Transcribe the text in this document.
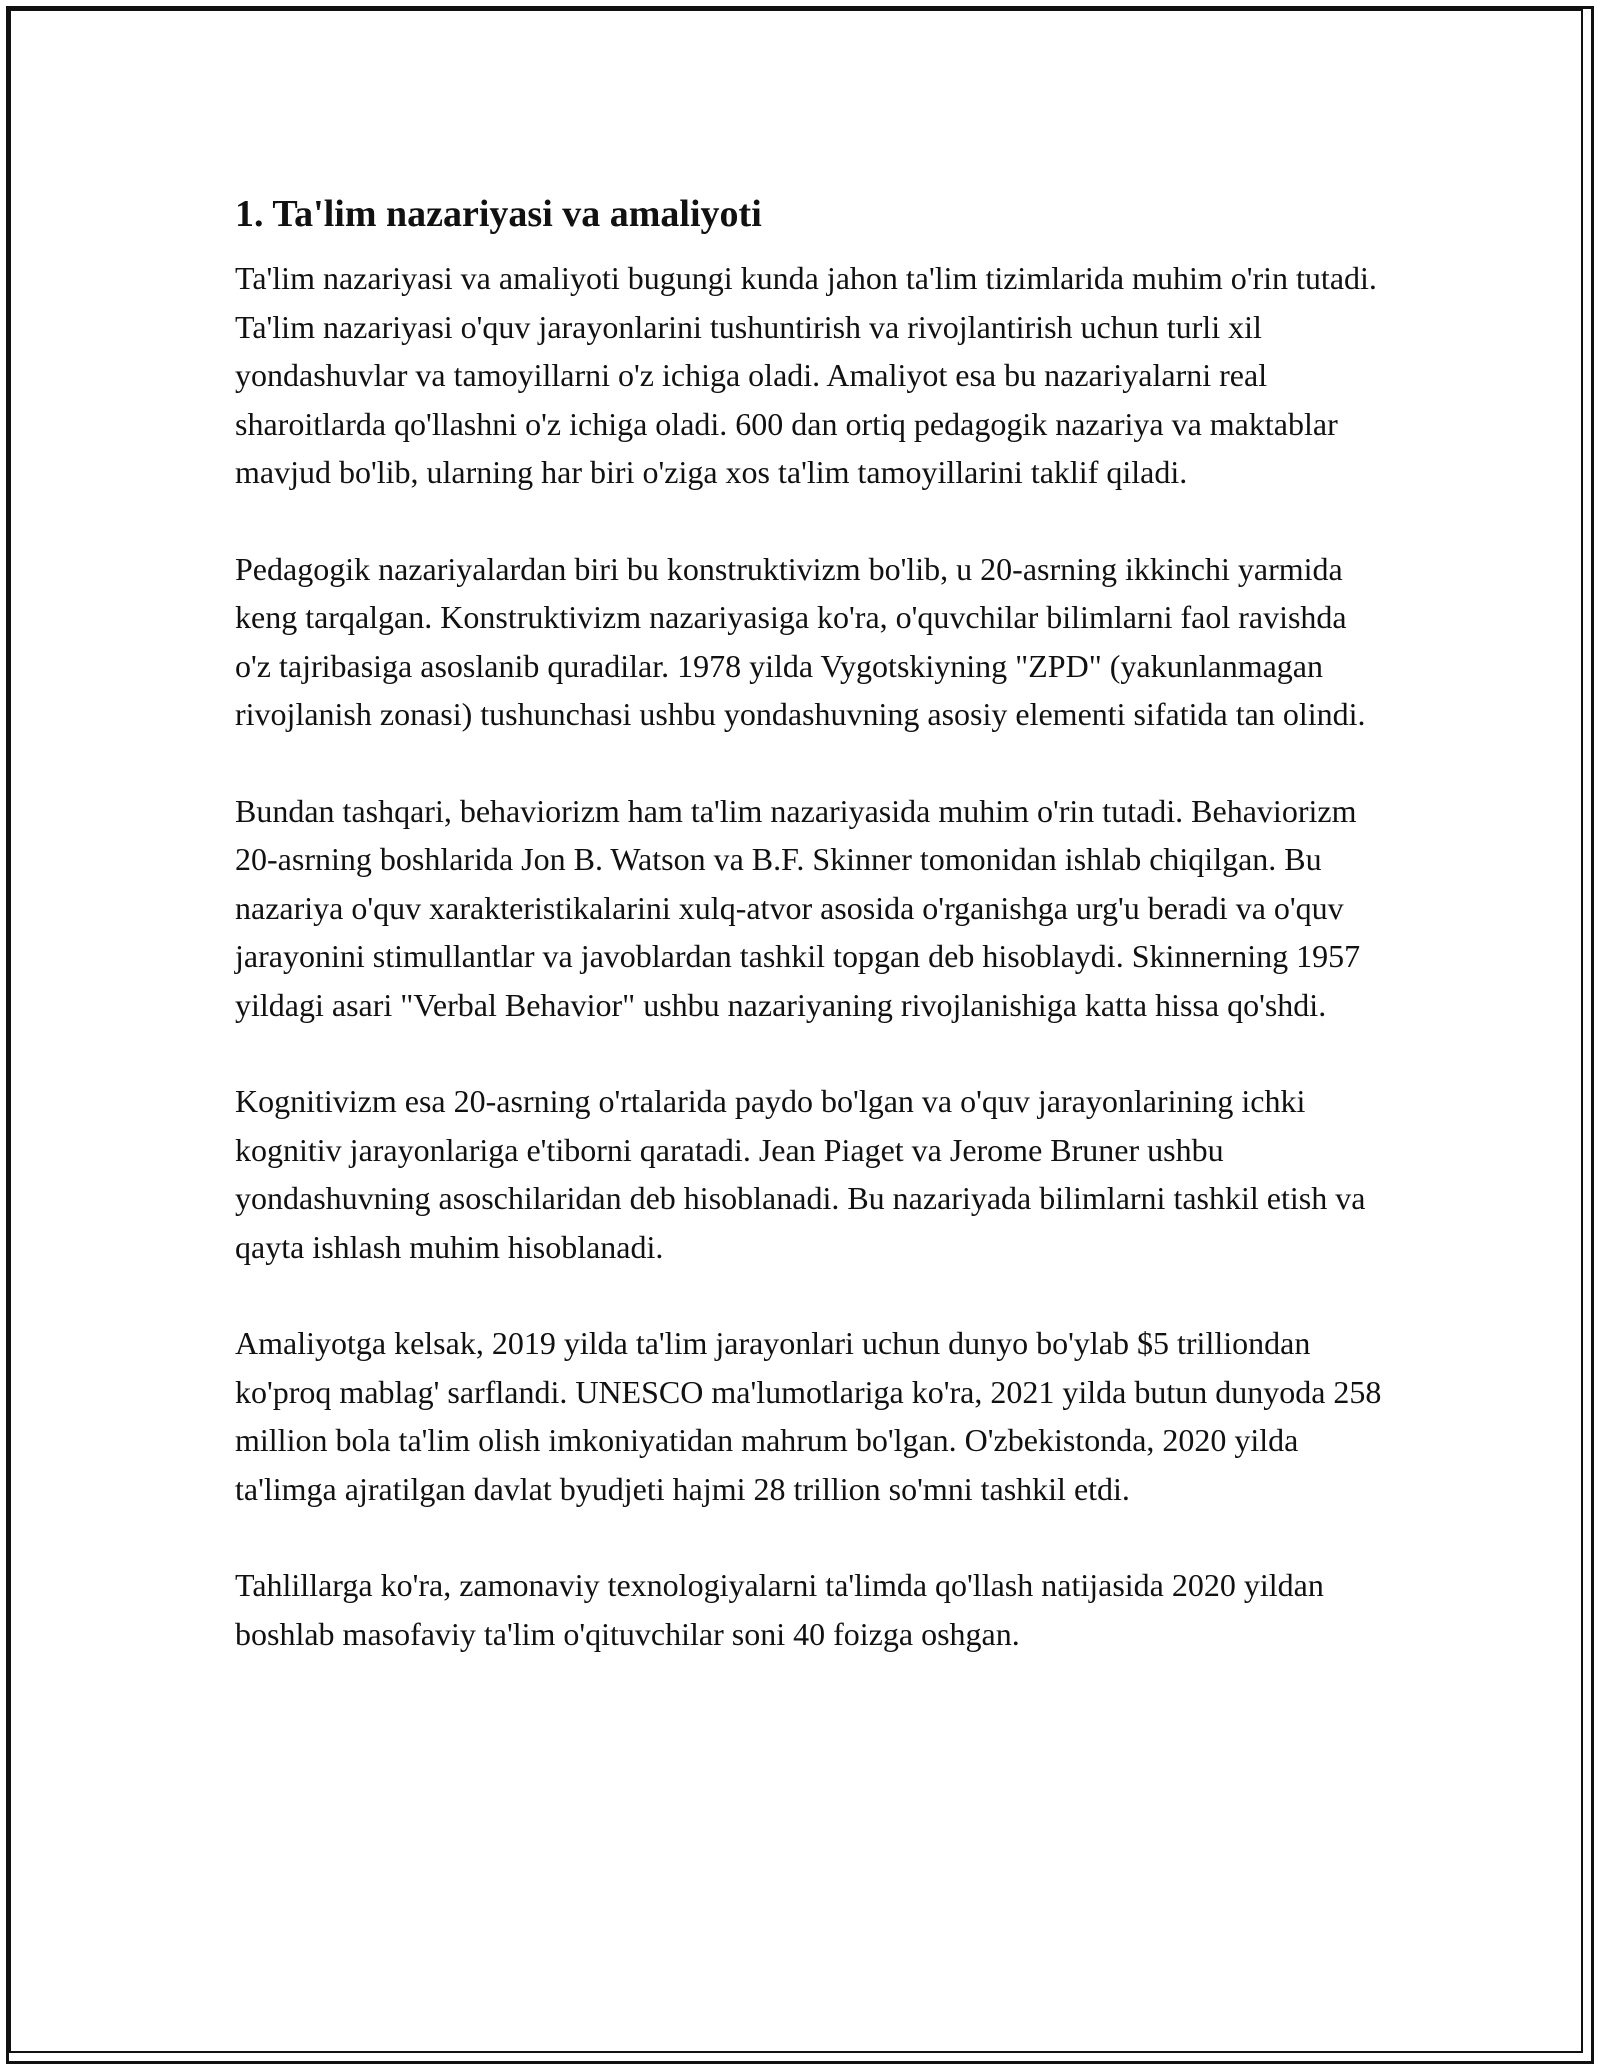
1. Ta'lim nazariyasi va amaliyoti

Ta'lim nazariyasi va amaliyoti bugungi kunda jahon ta'lim tizimlarida muhim o'rin tutadi. Ta'lim nazariyasi o'quv jarayonlarini tushuntirish va rivojlantirish uchun turli xil yondashuvlar va tamoyillarni o'z ichiga oladi. Amaliyot esa bu nazariyalarni real sharoitlarda qo'llashni o'z ichiga oladi. 600 dan ortiq pedagogik nazariya va maktablar mavjud bo'lib, ularning har biri o'ziga xos ta'lim tamoyillarini taklif qiladi.

Pedagogik nazariyalardan biri bu konstruktivizm bo'lib, u 20-asrning ikkinchi yarmida keng tarqalgan. Konstruktivizm nazariyasiga ko'ra, o'quvchilar bilimlarni faol ravishda o'z tajribasiga asoslanib quradilar. 1978 yilda Vygotskiyning "ZPD" (yakunlanmagan rivojlanish zonasi) tushunchasi ushbu yondashuvning asosiy elementi sifatida tan olindi.

Bundan tashqari, behaviorizm ham ta'lim nazariyasida muhim o'rin tutadi. Behaviorizm 20-asrning boshlarida Jon B. Watson va B.F. Skinner tomonidan ishlab chiqilgan. Bu nazariya o'quv xarakteristikalarini xulq-atvor asosida o'rganishga urg'u beradi va o'quv jarayonini stimullantlar va javoblardan tashkil topgan deb hisoblaydi. Skinnerning 1957 yildagi asari "Verbal Behavior" ushbu nazariyaning rivojlanishiga katta hissa qo'shdi.

Kognitivizm esa 20-asrning o'rtalarida paydo bo'lgan va o'quv jarayonlarining ichki kognitiv jarayonlariga e'tiborni qaratadi. Jean Piaget va Jerome Bruner ushbu yondashuvning asoschilaridan deb hisoblanadi. Bu nazariyada bilimlarni tashkil etish va qayta ishlash muhim hisoblanadi.

Amaliyotga kelsak, 2019 yilda ta'lim jarayonlari uchun dunyo bo'ylab $5 trilliondan ko'proq mablag' sarflandi. UNESCO ma'lumotlariga ko'ra, 2021 yilda butun dunyoda 258 million bola ta'lim olish imkoniyatidan mahrum bo'lgan. O'zbekistonda, 2020 yilda ta'limga ajratilgan davlat byudjeti hajmi 28 trillion so'mni tashkil etdi.

Tahlillarga ko'ra, zamonaviy texnologiyalarni ta'limda qo'llash natijasida 2020 yildan boshlab masofaviy ta'lim o'qituvchilar soni 40 foizga oshgan.
